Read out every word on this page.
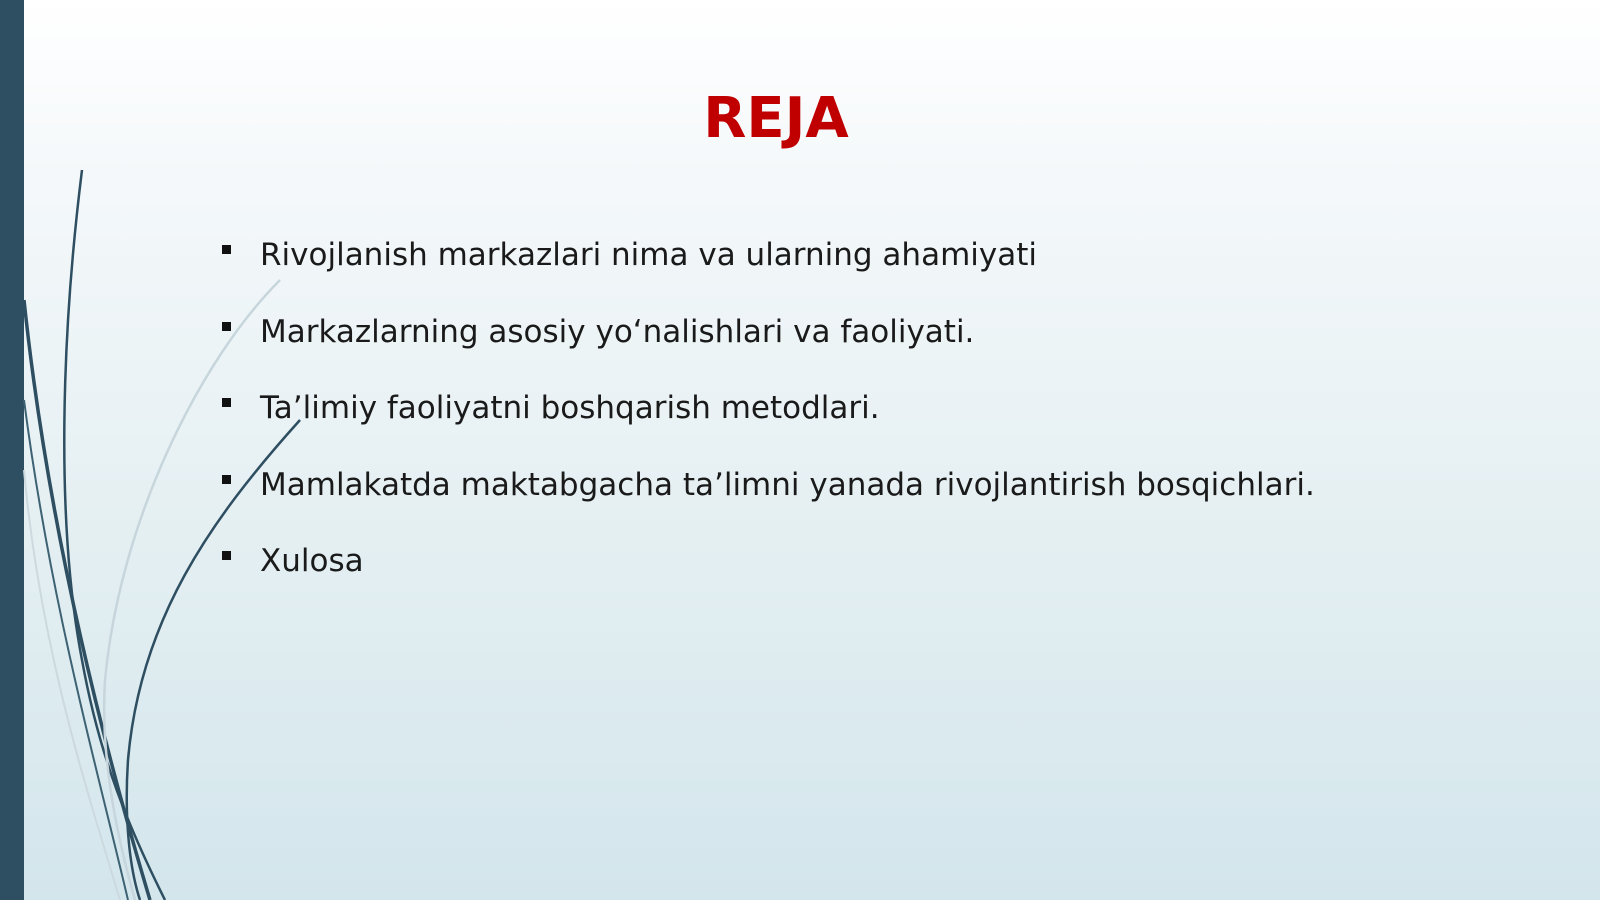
REJA
Rivojlanish markazlari nima va ularning ahamiyati
Markazlarning asosiy yo‘nalishlari va faoliyati.
Ta’limiy faoliyatni boshqarish metodlari.
Mamlakatda maktabgacha ta’limni yanada rivojlantirish bosqichlari.
Xulosa
